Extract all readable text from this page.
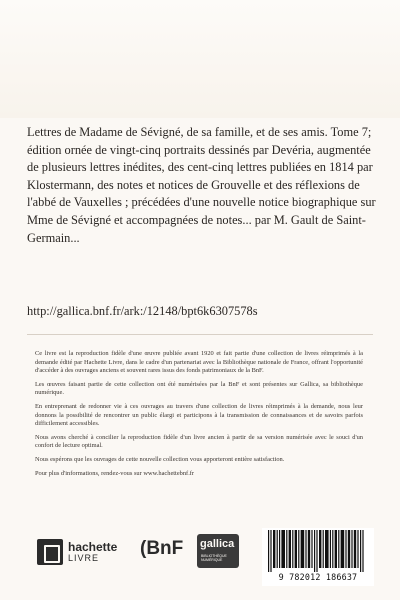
Lettres de Madame de Sévigné, de sa famille, et de ses amis. Tome 7; édition ornée de vingt-cinq portraits dessinés par Devéria, augmentée de plusieurs lettres inédites, des cent-cinq lettres publiées en 1814 par Klostermann, des notes et notices de Grouvelle et des réflexions de l'abbé de Vauxelles ; précédées d'une nouvelle notice biographique sur Mme de Sévigné et accompagnées de notes... par M. Gault de Saint-Germain...

http://gallica.bnf.fr/ark:/12148/bpt6k6307578s

Ce livre est la reproduction fidèle d'une œuvre publiée avant 1920 et fait partie d'une collection de livres réimprimés à la demande édité par Hachette Livre, dans le cadre d'un partenariat avec la Bibliothèque nationale de France, offrant l'opportunité d'accéder à des ouvrages anciens et souvent rares issus des fonds patrimoniaux de la BnF.

Les œuvres faisant partie de cette collection ont été numérisées par la BnF et sont présentes sur Gallica, sa bibliothèque numérique.

En entreprenant de redonner vie à ces ouvrages au travers d'une collection de livres réimprimés à la demande, nous leur donnons la possibilité de rencontrer un public élargi et participons à la transmission de connaissances et de savoirs parfois difficilement accessibles.

Nous avons cherché à concilier la reproduction fidèle d'un livre ancien à partir de sa version numérisée avec le souci d'un confort de lecture optimal.

Nous espérons que les ouvrages de cette nouvelle collection vous apporteront entière satisfaction.

Pour plus d'informations, rendez-vous sur www.hachettebnf.fr

hachette
LIVRE (BnF gallica
BIBLIOTHÈQUE NUMÉRIQUE
9 782012 186637
